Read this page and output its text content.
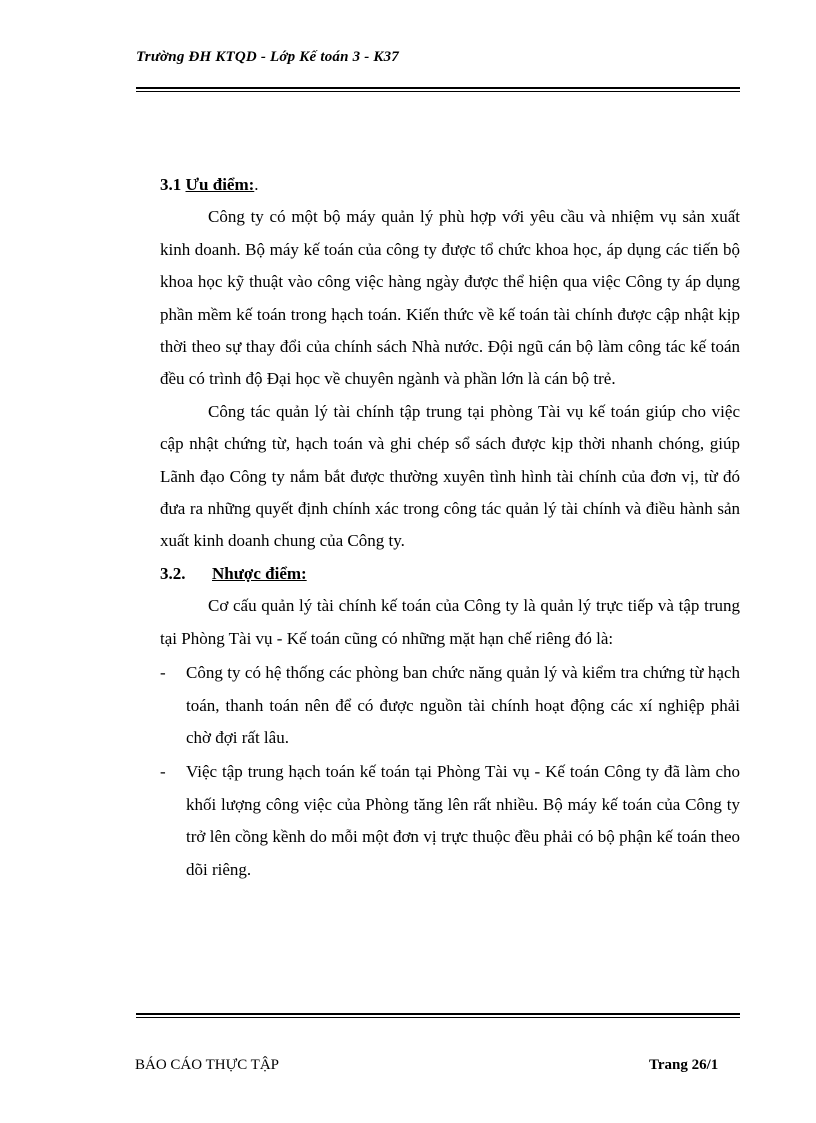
Trường ĐH KTQD - Lớp Kế toán 3 - K37
3.1 Ưu điểm:.

Công ty có một bộ máy quản lý phù hợp với yêu cầu và nhiệm vụ sản xuất kinh doanh. Bộ máy kế toán của công ty được tổ chức khoa học, áp dụng các tiến bộ khoa học kỹ thuật vào công việc hàng ngày được thể hiện qua việc Công ty áp dụng phần mềm kế toán trong hạch toán. Kiến thức về kế toán tài chính được cập nhật kịp thời theo sự thay đổi của chính sách Nhà nước. Đội ngũ cán bộ làm công tác kế toán đều có trình độ Đại học về chuyên ngành và phần lớn là cán bộ trẻ.

Công tác quản lý tài chính tập trung tại phòng Tài vụ kế toán giúp cho việc cập nhật chứng từ, hạch toán và ghi chép sổ sách được kịp thời nhanh chóng, giúp Lãnh đạo Công ty nắm bắt được thường xuyên tình hình tài chính của đơn vị, từ đó đưa ra những quyết định chính xác trong công tác quản lý tài chính và điều hành sản xuất kinh doanh chung của Công ty.

3.2. Nhược điểm:

Cơ cấu quản lý tài chính kế toán của Công ty là quản lý trực tiếp và tập trung tại Phòng Tài vụ - Kế toán cũng có những mặt hạn chế riêng đó là:

- Công ty có hệ thống các phòng ban chức năng quản lý và kiểm tra chứng từ hạch toán, thanh toán nên để có được nguồn tài chính hoạt động các xí nghiệp phải chờ đợi rất lâu.
- Việc tập trung hạch toán kế toán tại Phòng Tài vụ - Kế toán Công ty đã làm cho khối lượng công việc của Phòng tăng lên rất nhiều. Bộ máy kế toán của Công ty trở lên cồng kềnh do mỗi một đơn vị trực thuộc đều phải có bộ phận kế toán theo dõi riêng.
BÁO CÁO THỰC TẬP	Trang 26/1
